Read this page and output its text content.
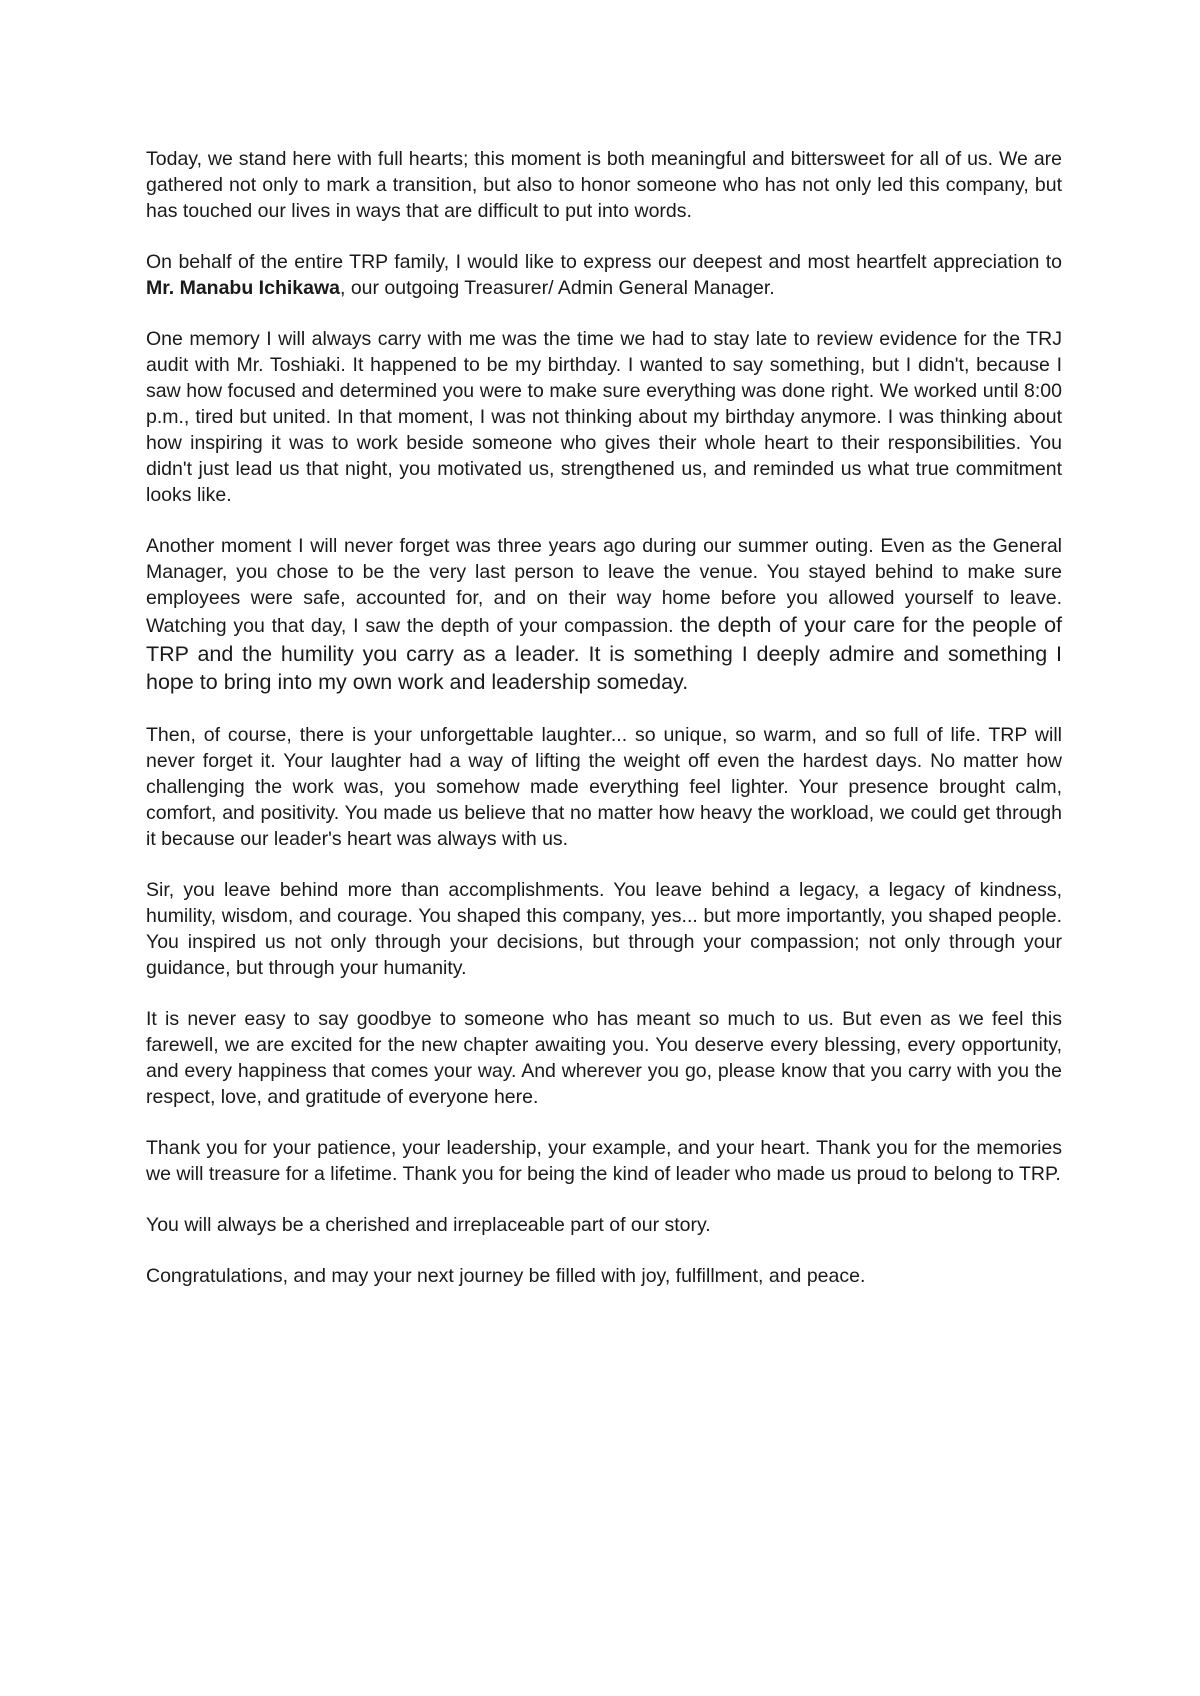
Today, we stand here with full hearts; this moment is both meaningful and bittersweet for all of us. We are gathered not only to mark a transition, but also to honor someone who has not only led this company, but has touched our lives in ways that are difficult to put into words.

On behalf of the entire TRP family, I would like to express our deepest and most heartfelt appreciation to Mr. Manabu Ichikawa, our outgoing Treasurer/ Admin General Manager.

One memory I will always carry with me was the time we had to stay late to review evidence for the TRJ audit with Mr. Toshiaki. It happened to be my birthday. I wanted to say something, but I didn't, because I saw how focused and determined you were to make sure everything was done right. We worked until 8:00 p.m., tired but united. In that moment, I was not thinking about my birthday anymore. I was thinking about how inspiring it was to work beside someone who gives their whole heart to their responsibilities. You didn't just lead us that night, you motivated us, strengthened us, and reminded us what true commitment looks like.

Another moment I will never forget was three years ago during our summer outing. Even as the General Manager, you chose to be the very last person to leave the venue. You stayed behind to make sure employees were safe, accounted for, and on their way home before you allowed yourself to leave. Watching you that day, I saw the depth of your compassion. the depth of your care for the people of TRP and the humility you carry as a leader. It is something I deeply admire and something I hope to bring into my own work and leadership someday.

Then, of course, there is your unforgettable laughter... so unique, so warm, and so full of life. TRP will never forget it. Your laughter had a way of lifting the weight off even the hardest days. No matter how challenging the work was, you somehow made everything feel lighter. Your presence brought calm, comfort, and positivity. You made us believe that no matter how heavy the workload, we could get through it because our leader's heart was always with us.

Sir, you leave behind more than accomplishments. You leave behind a legacy, a legacy of kindness, humility, wisdom, and courage. You shaped this company, yes... but more importantly, you shaped people. You inspired us not only through your decisions, but through your compassion; not only through your guidance, but through your humanity.

It is never easy to say goodbye to someone who has meant so much to us. But even as we feel this farewell, we are excited for the new chapter awaiting you. You deserve every blessing, every opportunity, and every happiness that comes your way. And wherever you go, please know that you carry with you the respect, love, and gratitude of everyone here.

Thank you for your patience, your leadership, your example, and your heart. Thank you for the memories we will treasure for a lifetime. Thank you for being the kind of leader who made us proud to belong to TRP.

You will always be a cherished and irreplaceable part of our story.

Congratulations, and may your next journey be filled with joy, fulfillment, and peace.
